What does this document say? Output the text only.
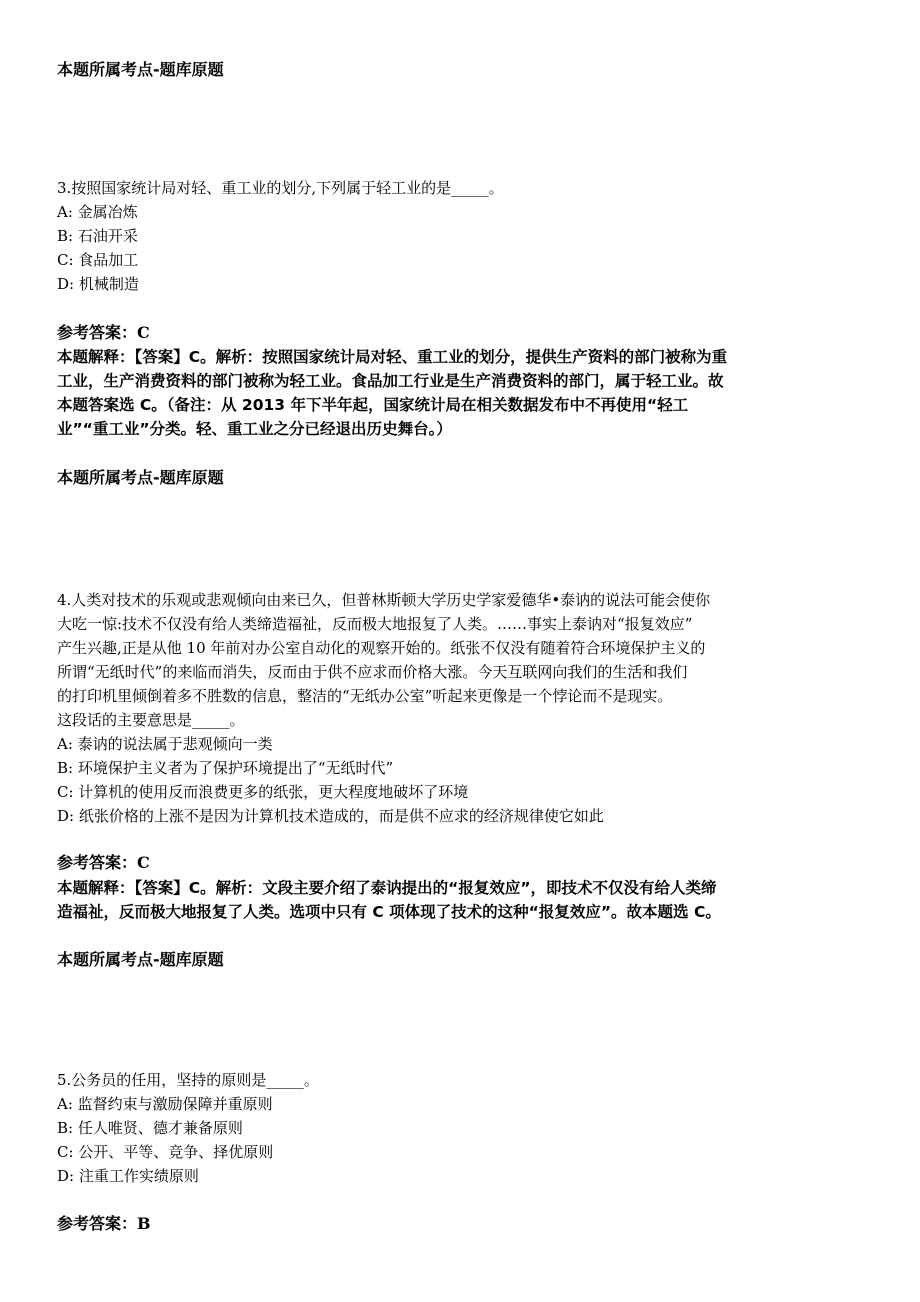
本题所属考点-题库原题
3.按照国家统计局对轻、重工业的划分,下列属于轻工业的是_____。
A: 金属冶炼
B: 石油开采
C: 食品加工
D: 机械制造
参考答案：C

本题解释：【答案】C。解析：按照国家统计局对轻、重工业的划分，提供生产资料的部门被称为重

工业，生产消费资料的部门被称为轻工业。食品加工行业是生产消费资料的部门，属于轻工业。故

本题答案选 C。（备注：从 2013 年下半年起，国家统计局在相关数据发布中不再使用“轻工

业”“重工业”分类。轻、重工业之分已经退出历史舞台。）

本题所属考点-题库原题
4.人类对技术的乐观或悲观倾向由来已久，但普林斯顿大学历史学家爱德华•泰讷的说法可能会使你
大吃一惊:技术不仅没有给人类缔造福祉，反而极大地报复了人类。……事实上泰讷对“报复效应”
产生兴趣,正是从他 10 年前对办公室自动化的观察开始的。纸张不仅没有随着符合环境保护主义的
所谓“无纸时代”的来临而消失，反而由于供不应求而价格大涨。今天互联网向我们的生活和我们
的打印机里倾倒着多不胜数的信息，整洁的“无纸办公室”听起来更像是一个悖论而不是现实。
这段话的主要意思是_____。
A: 泰讷的说法属于悲观倾向一类
B: 环境保护主义者为了保护环境提出了“无纸时代”
C: 计算机的使用反而浪费更多的纸张，更大程度地破坏了环境
D: 纸张价格的上涨不是因为计算机技术造成的，而是供不应求的经济规律使它如此
参考答案：C

本题解释：【答案】C。解析：文段主要介绍了泰讷提出的“报复效应”，即技术不仅没有给人类缔

造福祉，反而极大地报复了人类。选项中只有 C 项体现了技术的这种“报复效应”。故本题选 C。

本题所属考点-题库原题
5.公务员的任用，坚持的原则是_____。
A: 监督约束与激励保障并重原则
B: 任人唯贤、德才兼备原则
C: 公开、平等、竞争、择优原则
D: 注重工作实绩原则
参考答案：B
